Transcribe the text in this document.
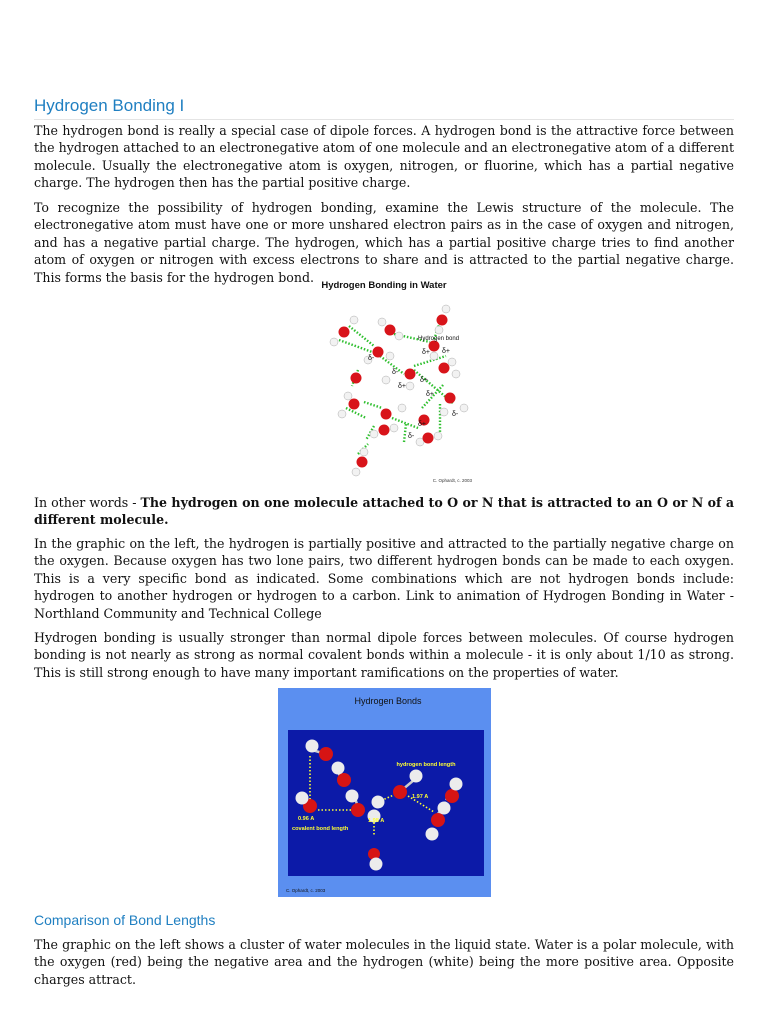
Hydrogen Bonding I

The hydrogen bond is really a special case of dipole forces. A hydrogen bond is the attractive force between the hydrogen attached to an electronegative atom of one molecule and an electronegative atom of a different molecule. Usually the electronegative atom is oxygen, nitrogen, or fluorine, which has a partial negative charge. The hydrogen then has the partial positive charge.

To recognize the possibility of hydrogen bonding, examine the Lewis structure of the molecule. The electronegative atom must have one or more unshared electron pairs as in the case of oxygen and nitrogen, and has a negative partial charge. The hydrogen, which has a partial positive charge tries to find another atom of oxygen or nitrogen with excess electrons to share and is attracted to the partial negative charge. This forms the basis for the hydrogen bond.

Hydrogen Bonding in Water
Hydrogen bond
δ+ δ+
δ-
δ-
δ+
δ+
δ+
δ-
δ+
δ-
C. Ophardt, c. 2003

In other words - The hydrogen on one molecule attached to O or N that is attracted to an O or N of a different molecule.

In the graphic on the left, the hydrogen is partially positive and attracted to the partially negative charge on the oxygen. Because oxygen has two lone pairs, two different hydrogen bonds can be made to each oxygen. This is a very specific bond as indicated. Some combinations which are not hydrogen bonds include: hydrogen to another hydrogen or hydrogen to a carbon. Link to animation of Hydrogen Bonding in Water - Northland Community and Technical College

Hydrogen bonding is usually stronger than normal dipole forces between molecules. Of course hydrogen bonding is not nearly as strong as normal covalent bonds within a molecule - it is only about 1/10 as strong. This is still strong enough to have many important ramifications on the properties of water.

Hydrogen Bonds
hydrogen bond length
1.97 A
1.98 A
0.96 A
covalent bond length
C. Ophardt, c. 2003
Comparison of Bond Lengths

The graphic on the left shows a cluster of water molecules in the liquid state. Water is a polar molecule, with the oxygen (red) being the negative area and the hydrogen (white) being the more positive area. Opposite charges attract.
